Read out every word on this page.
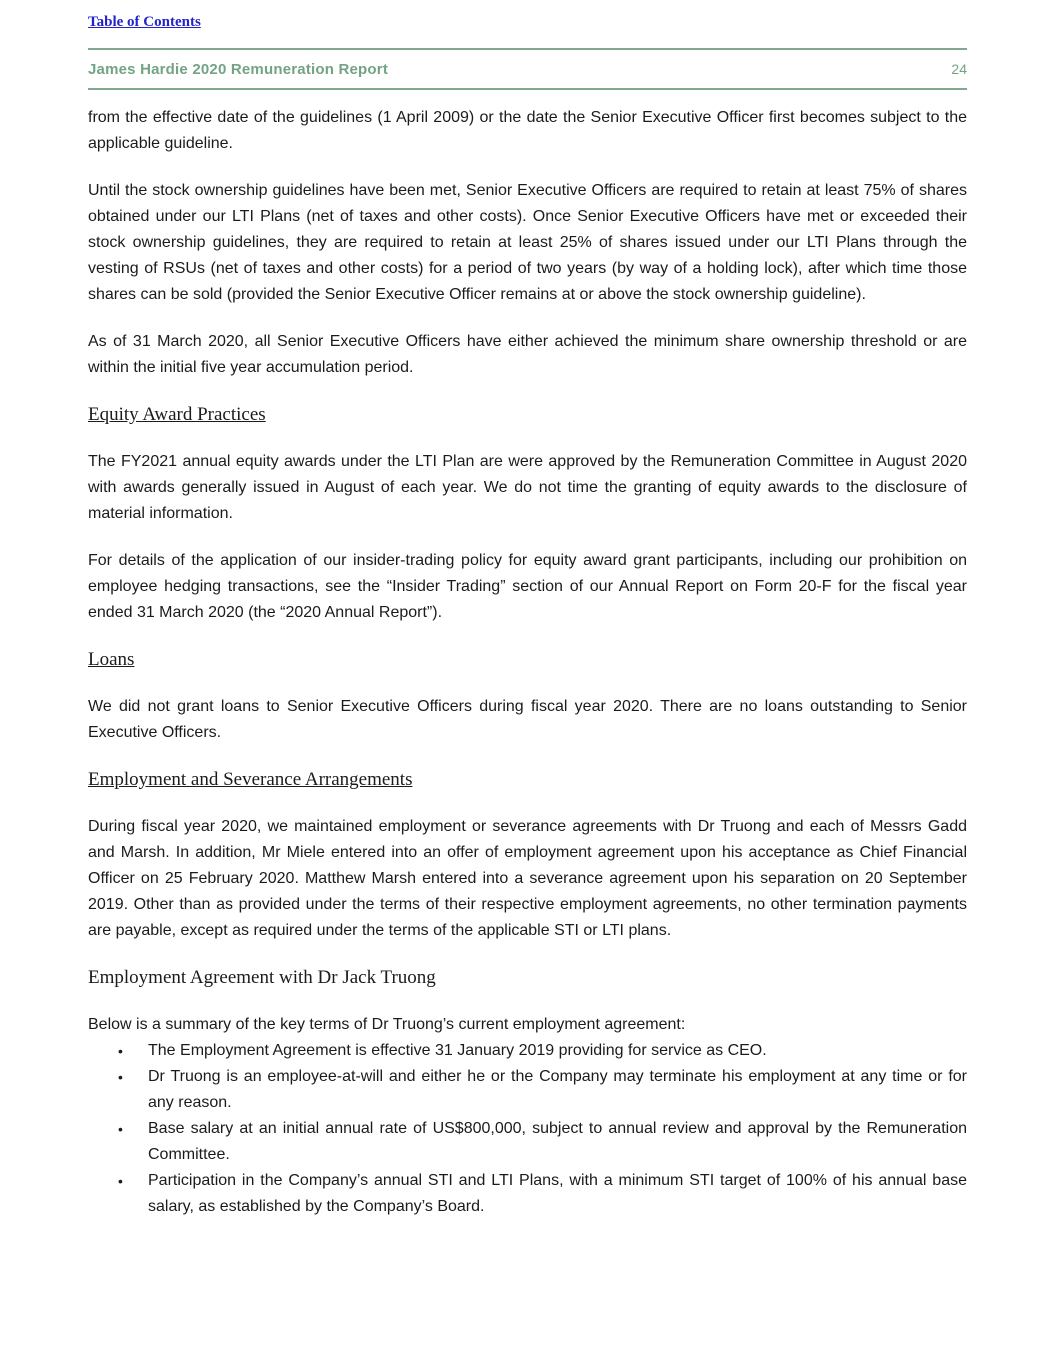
Table of Contents
James Hardie 2020 Remuneration Report	24

from the effective date of the guidelines (1 April 2009) or the date the Senior Executive Officer first becomes subject to the applicable guideline.

Until the stock ownership guidelines have been met, Senior Executive Officers are required to retain at least 75% of shares obtained under our LTI Plans (net of taxes and other costs). Once Senior Executive Officers have met or exceeded their stock ownership guidelines, they are required to retain at least 25% of shares issued under our LTI Plans through the vesting of RSUs (net of taxes and other costs) for a period of two years (by way of a holding lock), after which time those shares can be sold (provided the Senior Executive Officer remains at or above the stock ownership guideline).

As of 31 March 2020, all Senior Executive Officers have either achieved the minimum share ownership threshold or are within the initial five year accumulation period.

Equity Award Practices

The FY2021 annual equity awards under the LTI Plan are were approved by the Remuneration Committee in August 2020 with awards generally issued in August of each year. We do not time the granting of equity awards to the disclosure of material information.

For details of the application of our insider-trading policy for equity award grant participants, including our prohibition on employee hedging transactions, see the “Insider Trading” section of our Annual Report on Form 20-F for the fiscal year ended 31 March 2020 (the “2020 Annual Report”).

Loans

We did not grant loans to Senior Executive Officers during fiscal year 2020. There are no loans outstanding to Senior Executive Officers.

Employment and Severance Arrangements

During fiscal year 2020, we maintained employment or severance agreements with Dr Truong and each of Messrs Gadd and Marsh. In addition, Mr Miele entered into an offer of employment agreement upon his acceptance as Chief Financial Officer on 25 February 2020. Matthew Marsh entered into a severance agreement upon his separation on 20 September 2019. Other than as provided under the terms of their respective employment agreements, no other termination payments are payable, except as required under the terms of the applicable STI or LTI plans.

Employment Agreement with Dr Jack Truong

Below is a summary of the key terms of Dr Truong’s current employment agreement:

• The Employment Agreement is effective 31 January 2019 providing for service as CEO.
• Dr Truong is an employee-at-will and either he or the Company may terminate his employment at any time or for any reason.
• Base salary at an initial annual rate of US$800,000, subject to annual review and approval by the Remuneration Committee.
• Participation in the Company’s annual STI and LTI Plans, with a minimum STI target of 100% of his annual base salary, as established by the Company’s Board.
